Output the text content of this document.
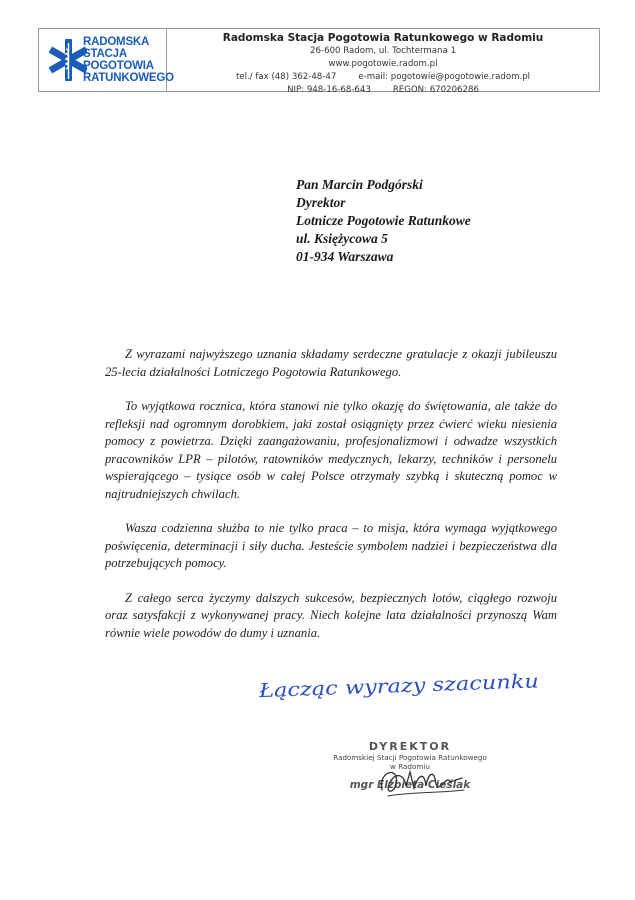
RADOMSKA
STACJA
POGOTOWIA
RATUNKOWEGO
Radomska Stacja Pogotowia Ratunkowego w Radomiu
26-600 Radom, ul. Tochtermana 1
www.pogotowie.radom.pl
tel./ fax (48) 362-48-47	e-mail: pogotowie@pogotowie.radom.pl
NIP: 948-16-68-643	REGON: 670206286
Pan Marcin Podgórski
Dyrektor
Lotnicze Pogotowie Ratunkowe
ul. Księżycowa 5
01-934 Warszawa

Z wyrazami najwyższego uznania składamy serdeczne gratulacje z okazji jubileuszu 25-lecia działalności Lotniczego Pogotowia Ratunkowego.

To wyjątkowa rocznica, która stanowi nie tylko okazję do świętowania, ale także do refleksji nad ogromnym dorobkiem, jaki został osiągnięty przez ćwierć wieku niesienia pomocy z powietrza. Dzięki zaangażowaniu, profesjonalizmowi i odwadze wszystkich pracowników LPR – pilotów, ratowników medycznych, lekarzy, techników i personelu wspierającego – tysiące osób w całej Polsce otrzymały szybką i skuteczną pomoc w najtrudniejszych chwilach.

Wasza codzienna służba to nie tylko praca – to misja, która wymaga wyjątkowego poświęcenia, determinacji i siły ducha. Jesteście symbolem nadziei i bezpieczeństwa dla potrzebujących pomocy.

Z całego serca życzymy dalszych sukcesów, bezpiecznych lotów, ciągłego rozwoju oraz satysfakcji z wykonywanej pracy. Niech kolejne lata działalności przynoszą Wam równie wiele powodów do dumy i uznania.

Łącząc wyrazy szacunku
DYREKTOR
Radomskiej Stacji Pogotowia Ratunkowego
w Radomiu
mgr Elżbieta Cieślak
